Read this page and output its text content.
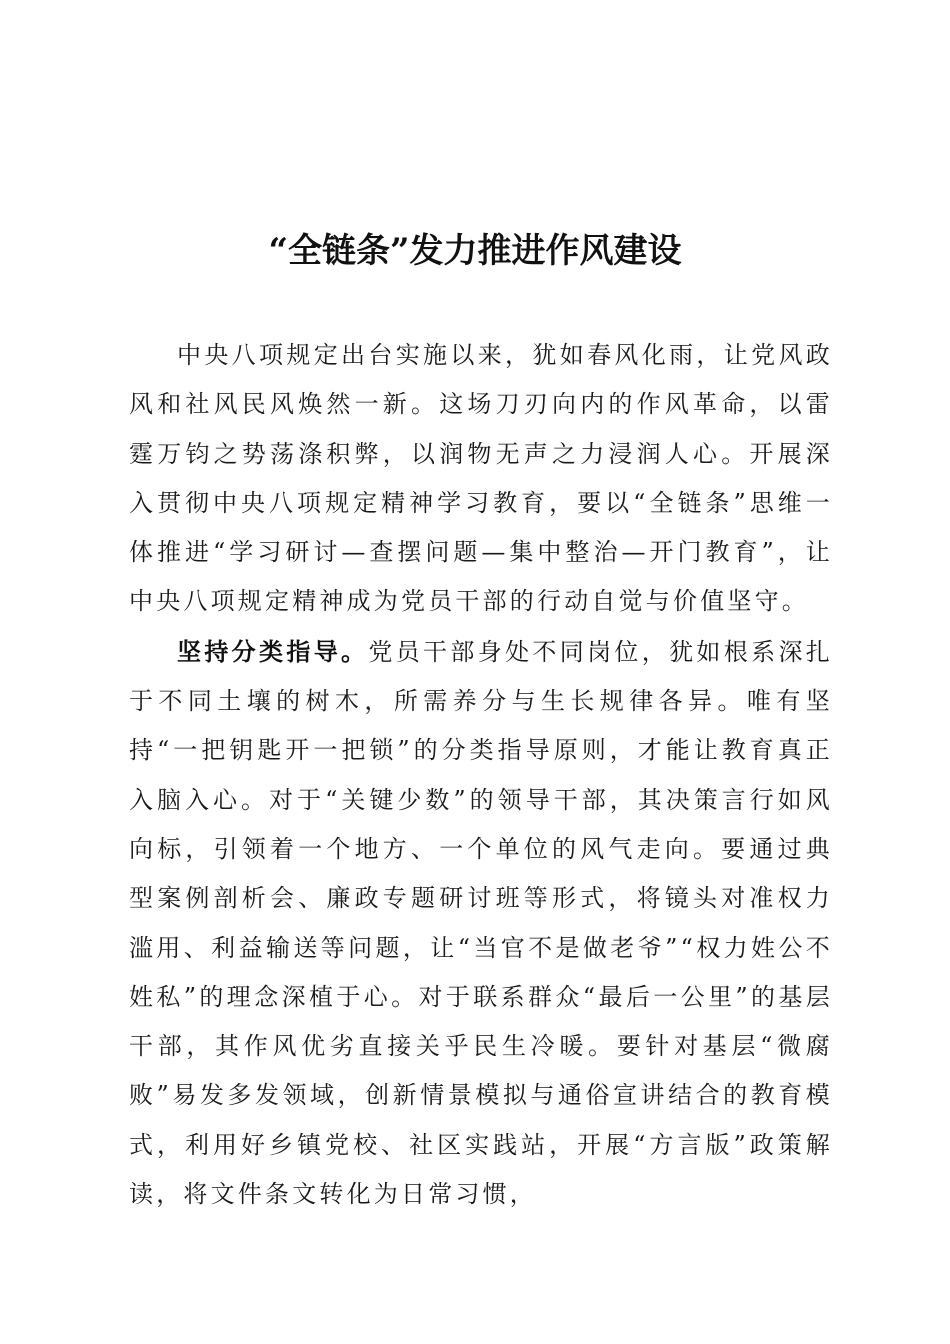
“全链条”发力推进作风建设

中央八项规定出台实施以来，犹如春风化雨，让党风政风和社风民风焕然一新。这场刀刃向内的作风革命，以雷霆万钧之势荡涤积弊，以润物无声之力浸润人心。开展深入贯彻中央八项规定精神学习教育，要以“全链条”思维一体推进“学习研讨—查摆问题—集中整治—开门教育”，让中央八项规定精神成为党员干部的行动自觉与价值坚守。

坚持分类指导。党员干部身处不同岗位，犹如根系深扎于不同土壤的树木，所需养分与生长规律各异。唯有坚持“一把钥匙开一把锁”的分类指导原则，才能让教育真正入脑入心。对于“关键少数”的领导干部，其决策言行如风向标，引领着一个地方、一个单位的风气走向。要通过典型案例剖析会、廉政专题研讨班等形式，将镜头对准权力滥用、利益输送等问题，让“当官不是做老爷”“权力姓公不姓私”的理念深植于心。对于联系群众“最后一公里”的基层干部，其作风优劣直接关乎民生冷暖。要针对基层“微腐败”易发多发领域，创新情景模拟与通俗宣讲结合的教育模式，利用好乡镇党校、社区实践站，开展“方言版”政策解读，将文件条文转化为日常习惯，
